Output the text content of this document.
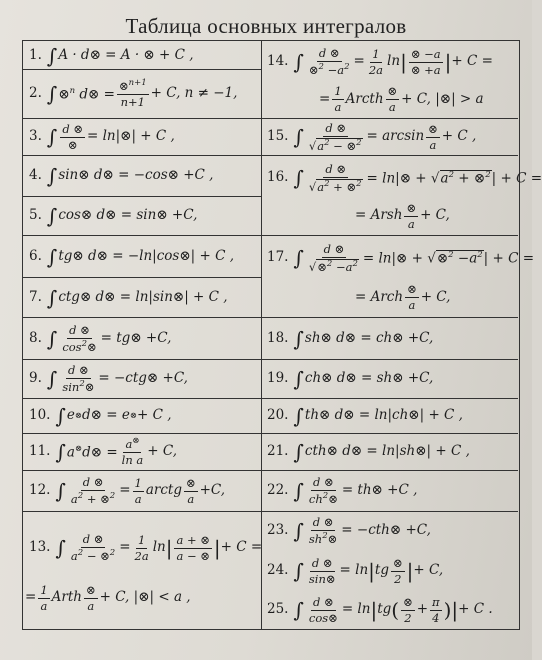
Таблица основных интегралов
1. ∫ A · d⊗ = A · ⊗ + C ,
2. ∫ ⊗$^n$ d⊗ = $\frac{\otimes^{n+1}}{n+1} + C$, n ≠ −1,
3. ∫ $\frac{d \otimes}{\otimes}$ = ln|⊗| + C ,
4. ∫ sin⊗ d⊗ = −cos⊗ +C ,
5. ∫ cos⊗ d⊗ = sin⊗ +C,
6. ∫ tg⊗ d⊗ = −ln|cos⊗| + C ,
7. ∫ ctg⊗ d⊗ = ln|sin⊗| + C ,
8. ∫ $\frac{d \otimes}{\cos^2\otimes}$ = tg⊗ +C,
9. ∫ $\frac{d \otimes}{\sin^2\otimes}$ = −ctg⊗ +C,
10. ∫ e ⊗ d⊗ = e ⊗ + C ,
11. ∫ a⊗d⊗ = $\frac{a^\otimes}{\text{ln a}} + C$,
12. ∫ $\frac{d \otimes}{a^2 + \otimes^2} = \frac{1}{a}$ arctg $\frac{\otimes}{a} +C$,
13. ∫ $\frac{d \otimes}{a^2 - \otimes^2} = \frac{1}{2a}$ ln | $\frac{a + \otimes}{a - \otimes}$ | + C =
= $\frac{1}{a}$ Arth $\frac{\otimes}{a} + C$, |⊗| < a ,
14. ∫ $\frac{d \otimes}{\otimes^2 -a^2} = \frac{1}{2a}$ ln | $\frac{\otimes -a}{\otimes +a}$ | + C =
= $\frac{1}{a}$ Arcth $\frac{\otimes}{a} + C$, |⊗| > a
15. ∫ $\frac{d \otimes}{√a^2 - \otimes^2} = \arcsin \frac{\otimes}{a} + C$ ,
16. ∫ $\frac{d \otimes}{√a^2 + \otimes^2}$ = ln|⊗ + $√a^2$ + ⊗$^2$| + C =
= Arsh $\frac{\otimes}{a} + C$,
17. ∫ $\frac{d \otimes}{√\otimes^2 -a^2}$ = ln|⊗ + √⊗$^2$ $-a^2| + C$ =
= Arch $\frac{\otimes}{a} + C$,
18. ∫ sh⊗ d⊗ = ch⊗ +C,
19. ∫ ch⊗ d⊗ = sh⊗ +C,
20. ∫ th⊗ d⊗ = ln|ch⊗| + C ,
21. ∫ cth⊗ d⊗ = ln|sh⊗| + C ,
22. ∫ $\frac{d \otimes}{ch^2\otimes}$ = th⊗ +C ,
23. ∫ $\frac{d \otimes}{sh^2\otimes}$ = −cth⊗ +C,
24. ∫ $\frac{d \otimes}{\sin\otimes} = \ln$ | tg $\frac{\otimes}{2}$ | + C,
25. ∫ $\frac{d \otimes}{\cos\otimes} = \ln$ | tg ( $\frac{\otimes}{2} + \frac{\pi}{4}$ ) | + C .
